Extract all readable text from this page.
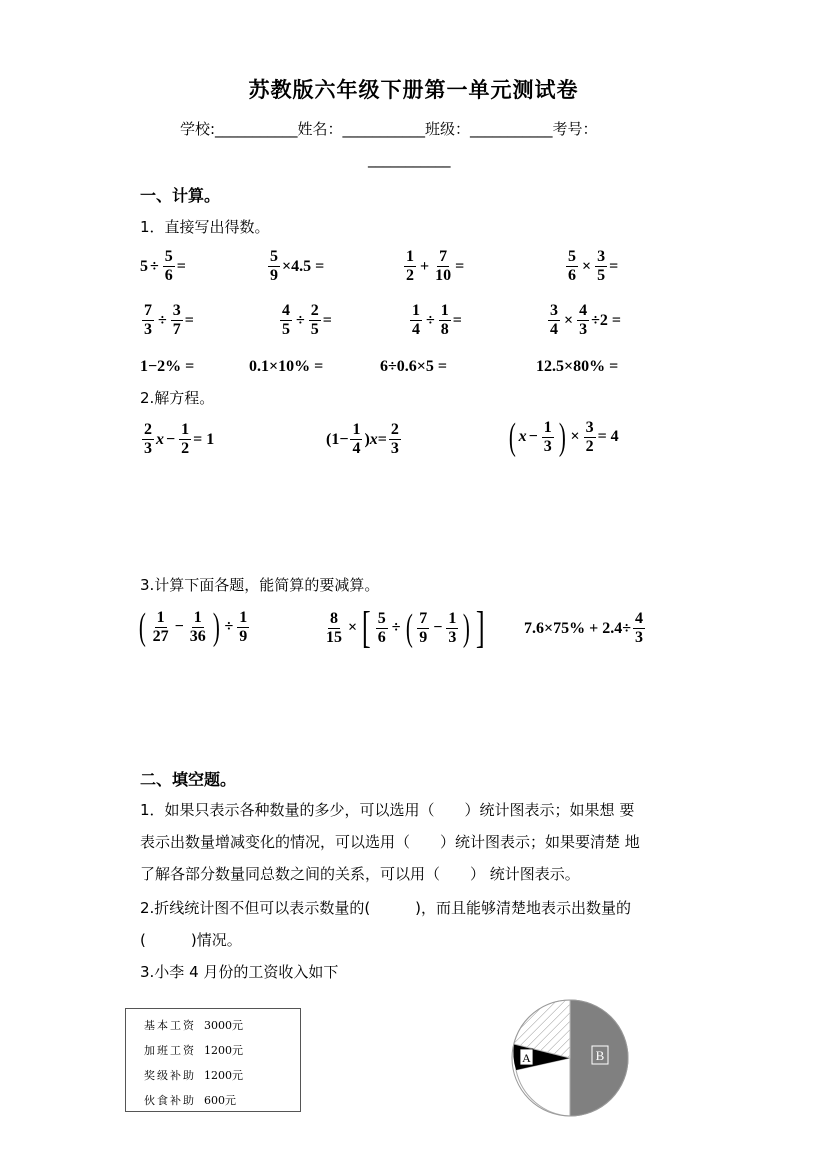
苏教版六年级下册第一单元测试卷
学校:___________姓名：___________班级：___________考号：
___________
一、计算。
1．直接写出得数。
$5 \div \frac{5}{6}$ =	$\frac{5}{9} \times 4.5$ =	$\frac{1}{2} + \frac{7}{10}$ =	$\frac{5}{6} \times \frac{3}{5}$ =
$\frac{7}{3} \div \frac{3}{7}$ =	$\frac{4}{5} \div \frac{2}{5}$ =	$\frac{1}{4} \div \frac{1}{8}$ =	$\frac{3}{4} \times \frac{4}{3} \div 2$ =
1−2% =	0.1×10% =	6÷0.6×5 =	12.5×80% =
2.解方程。
$\frac{2}{3}$ $x - \frac{1}{2} = 1$	($1- \frac{1}{4}$ ) $x = \frac{2}{3}$	( $x - \frac{1}{3}$ ) × $\frac{3}{2} = 4$
3.计算下面各题，能简算的要减算。
( $\frac{1}{27} - \frac{1}{36}$ ) ÷ $\frac{1}{9}$	$\frac{8}{15}$ × [ $\frac{5}{6}$ ÷ ( $\frac{7}{9} - \frac{1}{3}$ ) ] $7.6\times 75\% + 2.4\div \frac{4}{3}$
二、填空题。
1．如果只表示各种数量的多少，可以选用（　　）统计图表示；如果想 要
表示出数量增减变化的情况，可以选用（　　）统计图表示；如果要清楚 地
了解各部分数量同总数之间的关系，可以用（　　） 统计图表示。
2.折线统计图不但可以表示数量的(　　　)，而且能够清楚地表示出数量的
(　　　)情况。
3.小李 4 月份的工资收入如下
基本工资 3000元
加班工资 1200元
奖级补助 1200元
伙食补助 600元
A	B
